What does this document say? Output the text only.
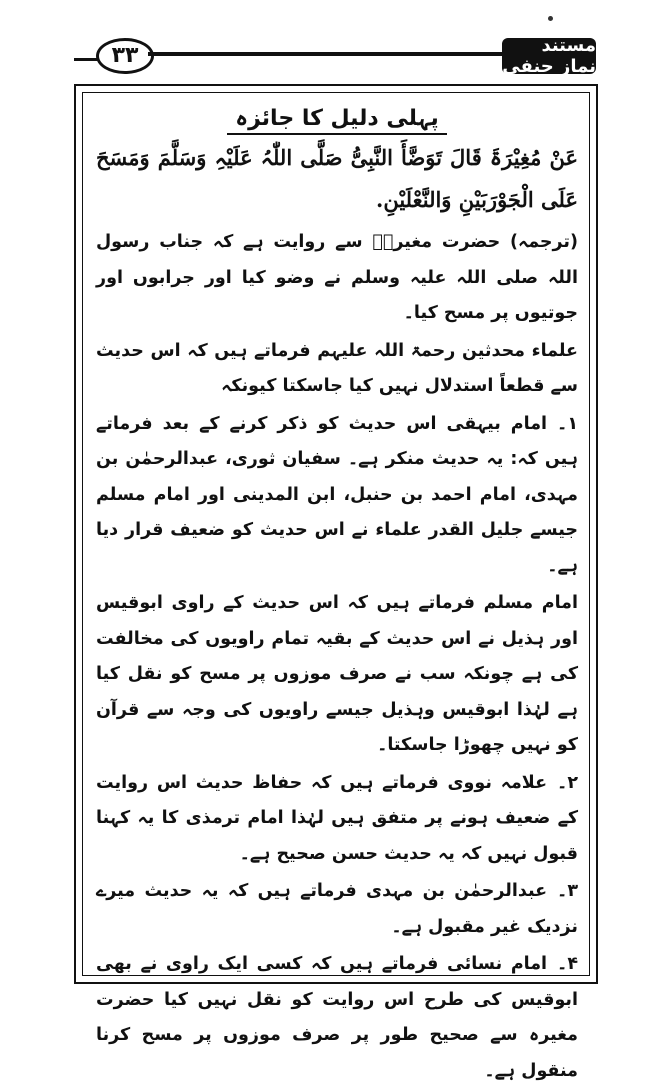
۳۳	مستند نماز حنفی
پہلی دلیل کا جائزہ

عَنْ مُغِیْرَۃَ قَالَ تَوَضَّأَ النَّبِیُّ صَلَّی اللّٰہُ عَلَیْہِ وَسَلَّمَ وَمَسَحَ عَلَی الْجَوْرَبَیْنِ وَالنَّعْلَیْنِ.

(ترجمہ) حضرت مغیرہؓ سے روایت ہے کہ جناب رسول اللہ صلی اللہ علیہ وسلم نے وضو کیا اور جرابوں اور جوتیوں پر مسح کیا۔

علماء محدثین رحمۃ اللہ علیہم فرماتے ہیں کہ اس حدیث سے قطعاً استدلال نہیں کیا جاسکتا کیونکہ

۱۔امام بیہقی اس حدیث کو ذکر کرنے کے بعد فرماتے ہیں کہ: یہ حدیث منکر ہے۔ سفیان ثوری، عبدالرحمٰن بن مہدی، امام احمد بن حنبل، ابن المدینی اور امام مسلم جیسے جلیل القدر علماء نے اس حدیث کو ضعیف قرار دیا ہے۔

امام مسلم فرماتے ہیں کہ اس حدیث کے راوی ابوقیس اور ہذیل نے اس حدیث کے بقیہ تمام راویوں کی مخالفت کی ہے چونکہ سب نے صرف موزوں پر مسح کو نقل کیا ہے لہٰذا ابوقیس وہذیل جیسے راویوں کی وجہ سے قرآن کو نہیں چھوڑا جاسکتا۔

۲۔علامہ نووی فرماتے ہیں کہ حفاظ حدیث اس روایت کے ضعیف ہونے پر متفق ہیں لہٰذا امام ترمذی کا یہ کہنا قبول نہیں کہ یہ حدیث حسن صحیح ہے۔

۳۔عبدالرحمٰن بن مہدی فرماتے ہیں کہ یہ حدیث میرے نزدیک غیر مقبول ہے۔

۴۔امام نسائی فرماتے ہیں کہ کسی ایک راوی نے بھی ابوقیس کی طرح اس روایت کو نقل نہیں کیا حضرت مغیرہ سے صحیح طور پر صرف موزوں پر مسح کرنا منقول ہے۔
